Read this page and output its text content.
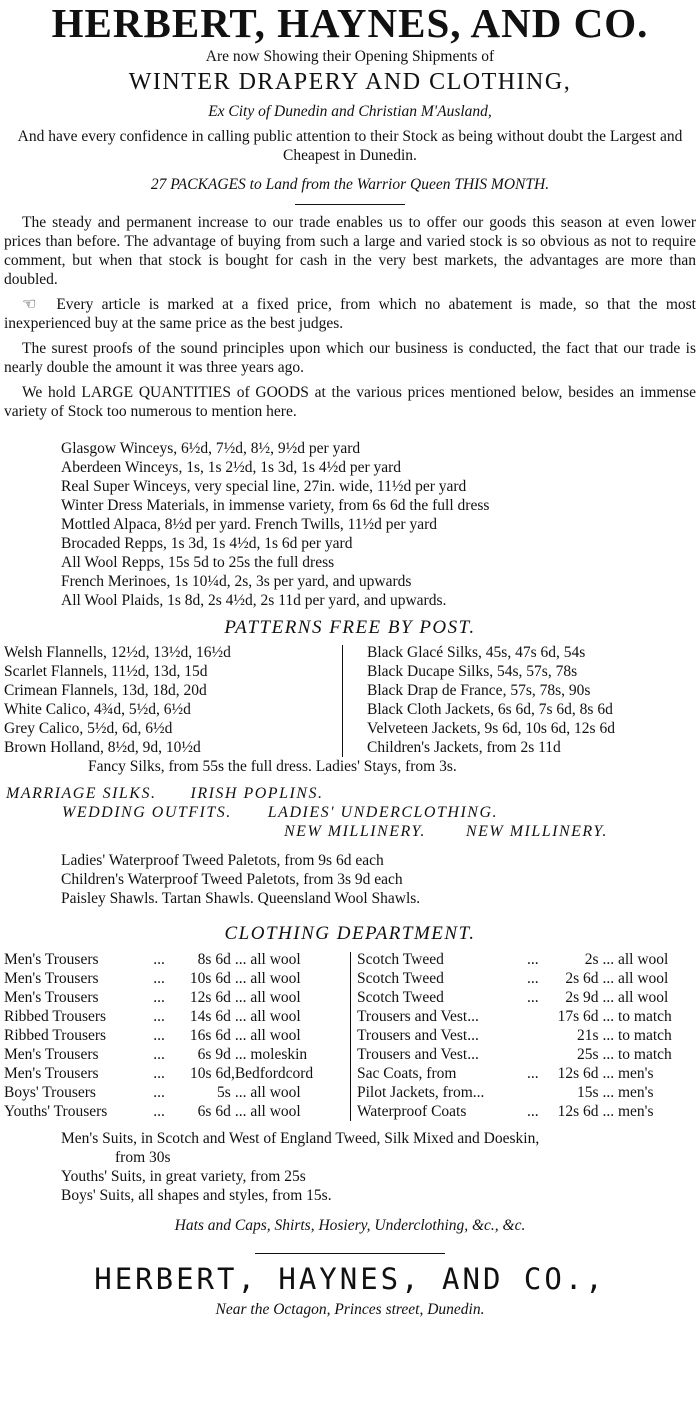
HERBERT, HAYNES, AND CO.
Are now Showing their Opening Shipments of
WINTER DRAPERY AND CLOTHING,
Ex City of Dunedin and Christian M'Ausland,

And have every confidence in calling public attention to their Stock as being without doubt the Largest and Cheapest in Dunedin.

27 PACKAGES to Land from the Warrior Queen THIS MONTH.

The steady and permanent increase to our trade enables us to offer our goods this season at even lower prices than before. The advantage of buying from such a large and varied stock is so obvious as not to require comment, but when that stock is bought for cash in the very best markets, the advantages are more than doubled.

☞ Every article is marked at a fixed price, from which no abatement is made, so that the most inexperienced buy at the same price as the best judges.

The surest proofs of the sound principles upon which our business is conducted, the fact that our trade is nearly double the amount it was three years ago.

We hold LARGE QUANTITIES of GOODS at the various prices mentioned below, besides an immense variety of Stock too numerous to mention here.

Glasgow Winceys, 6½d, 7½d, 8½, 9½d per yard
Aberdeen Winceys, 1s, 1s 2½d, 1s 3d, 1s 4½d per yard
Real Super Winceys, very special line, 27in. wide, 11½d per yard
Winter Dress Materials, in immense variety, from 6s 6d the full dress
Mottled Alpaca, 8½d per yard. French Twills, 11½d per yard
Brocaded Repps, 1s 3d, 1s 4½d, 1s 6d per yard
All Wool Repps, 15s 5d to 25s the full dress
French Merinoes, 1s 10¼d, 2s, 3s per yard, and upwards
All Wool Plaids, 1s 8d, 2s 4½d, 2s 11d per yard, and upwards.
PATTERNS FREE BY POST.
Welsh Flannells, 12½d, 13½d, 16½d
Scarlet Flannels, 11½d, 13d, 15d
Crimean Flannels, 13d, 18d, 20d
White Calico, 4¾d, 5½d, 6½d
Grey Calico, 5½d, 6d, 6½d
Brown Holland, 8½d, 9d, 10½d
Black Glacé Silks, 45s, 47s 6d, 54s
Black Ducape Silks, 54s, 57s, 78s
Black Drap de France, 57s, 78s, 90s
Black Cloth Jackets, 6s 6d, 7s 6d, 8s 6d
Velveteen Jackets, 9s 6d, 10s 6d, 12s 6d
Children's Jackets, from 2s 11d
Fancy Silks, from 55s the full dress. Ladies' Stays, from 3s.
MARRIAGE SILKS. IRISH POPLINS.
WEDDING OUTFITS. LADIES' UNDERCLOTHING.
NEW MILLINERY.	NEW MILLINERY.
Ladies' Waterproof Tweed Paletots, from 9s 6d each
Children's Waterproof Tweed Paletots, from 3s 9d each
Paisley Shawls. Tartan Shawls. Queensland Wool Shawls.
CLOTHING DEPARTMENT.
Men's Trousers	...	8s 6d	... all wool
Men's Trousers	...	10s 6d	... all wool
Men's Trousers	...	12s 6d	... all wool
Ribbed Trousers	...	14s 6d	... all wool
Ribbed Trousers	...	16s 6d	... all wool
Men's Trousers	...	6s 9d	... moleskin
Men's Trousers	...	10s 6d,	Bedfordcord
Boys' Trousers	...	5s	... all wool
Youths' Trousers	...	6s 6d	... all wool
Scotch Tweed	...	2s	... all wool
Scotch Tweed	...	2s 6d	... all wool
Scotch Tweed	...	2s 9d	... all wool
Trousers and Vest...		17s 6d	... to match
Trousers and Vest...		21s	... to match
Trousers and Vest...		25s	... to match
Sac Coats, from	...	12s 6d	... men's
Pilot Jackets, from...		15s	... men's
Waterproof Coats	...	12s 6d	... men's
Men's Suits, in Scotch and West of England Tweed, Silk Mixed and Doeskin,
from 30s
Youths' Suits, in great variety, from 25s
Boys' Suits, all shapes and styles, from 15s.
Hats and Caps, Shirts, Hosiery, Underclothing, &c., &c.
HERBERT, HAYNES, AND CO.,
Near the Octagon, Princes street, Dunedin.
